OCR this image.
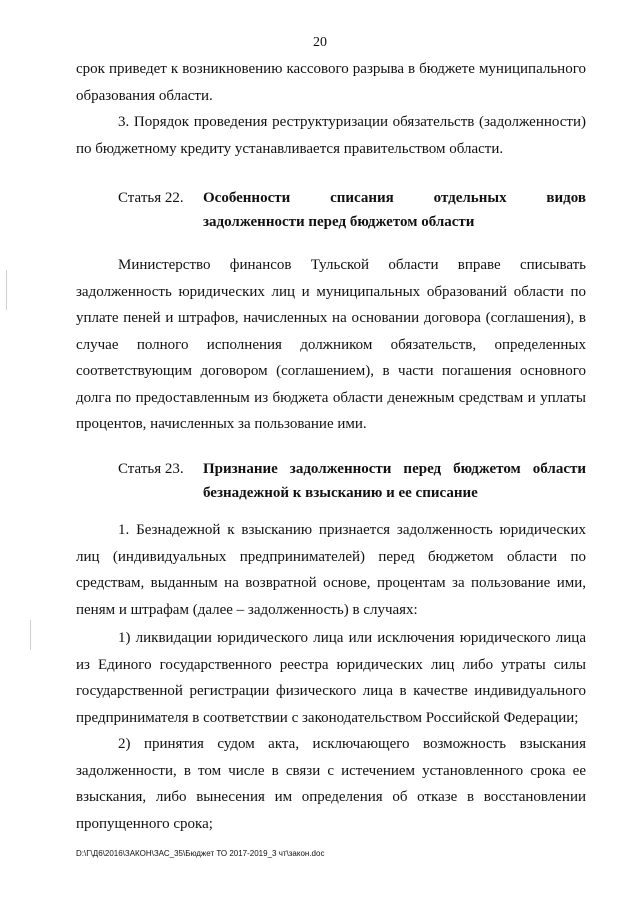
20

срок приведет к возникновению кассового разрыва в бюджете муниципального образования области.

3. Порядок проведения реструктуризации обязательств (задолженности) по бюджетному кредиту устанавливается правительством области.

Статья 22. Особенности списания отдельных видов
задолженности перед бюджетом области

Министерство финансов Тульской области вправе списывать задолженность юридических лиц и муниципальных образований области по уплате пеней и штрафов, начисленных на основании договора (соглашения), в случае полного исполнения должником обязательств, определенных соответствующим договором (соглашением), в части погашения основного долга по предоставленным из бюджета области денежным средствам и уплаты процентов, начисленных за пользование ими.

Статья 23. Признание задолженности перед бюджетом области
безнадежной к взысканию и ее списание

1. Безнадежной к взысканию признается задолженность юридических лиц (индивидуальных предпринимателей) перед бюджетом области по средствам, выданным на возвратной основе, процентам за пользование ими, пеням и штрафам (далее – задолженность) в случаях:

1) ликвидации юридического лица или исключения юридического лица из Единого государственного реестра юридических лиц либо утраты силы государственной регистрации физического лица в качестве индивидуального предпринимателя в соответствии с законодательством Российской Федерации;

2) принятия судом акта, исключающего возможность взыскания задолженности, в том числе в связи с истечением установленного срока ее взыскания, либо вынесения им определения об отказе в восстановлении пропущенного срока;

D:\Г\Д6\2016\ЗАКОН\ЗАС_35\Бюджет ТО 2017-2019_3 чт\закон.doc
